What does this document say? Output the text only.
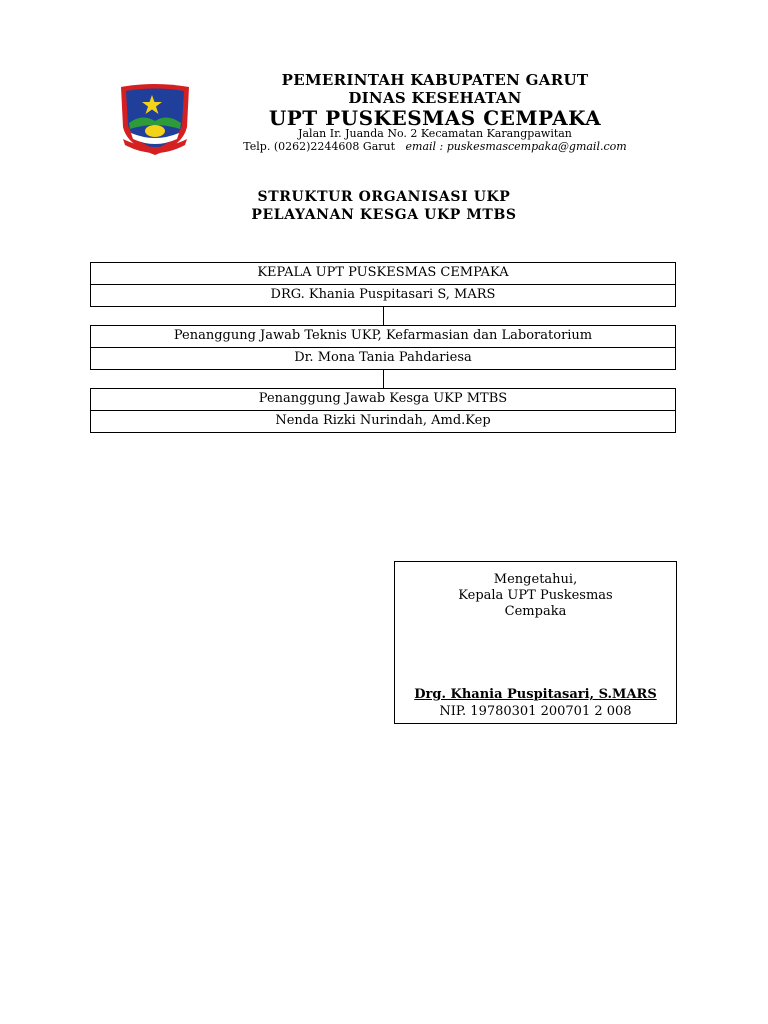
PEMERINTAH KABUPATEN GARUT
DINAS KESEHATAN
UPT PUSKESMAS CEMPAKA
Jalan Ir. Juanda No. 2 Kecamatan Karangpawitan
Telp. (0262)2244608 Garut email : puskesmascempaka@gmail.com
STRUKTUR ORGANISASI UKP
PELAYANAN KESGA UKP MTBS
KEPALA UPT PUSKESMAS CEMPAKA
DRG. Khania Puspitasari S, MARS
Penanggung Jawab Teknis UKP, Kefarmasian dan Laboratorium
Dr. Mona Tania Pahdariesa
Penanggung Jawab Kesga UKP MTBS
Nenda Rizki Nurindah, Amd.Kep
Mengetahui,
Kepala UPT Puskesmas
Cempaka
Drg. Khania Puspitasari, S.MARS
NIP. 19780301 200701 2 008
